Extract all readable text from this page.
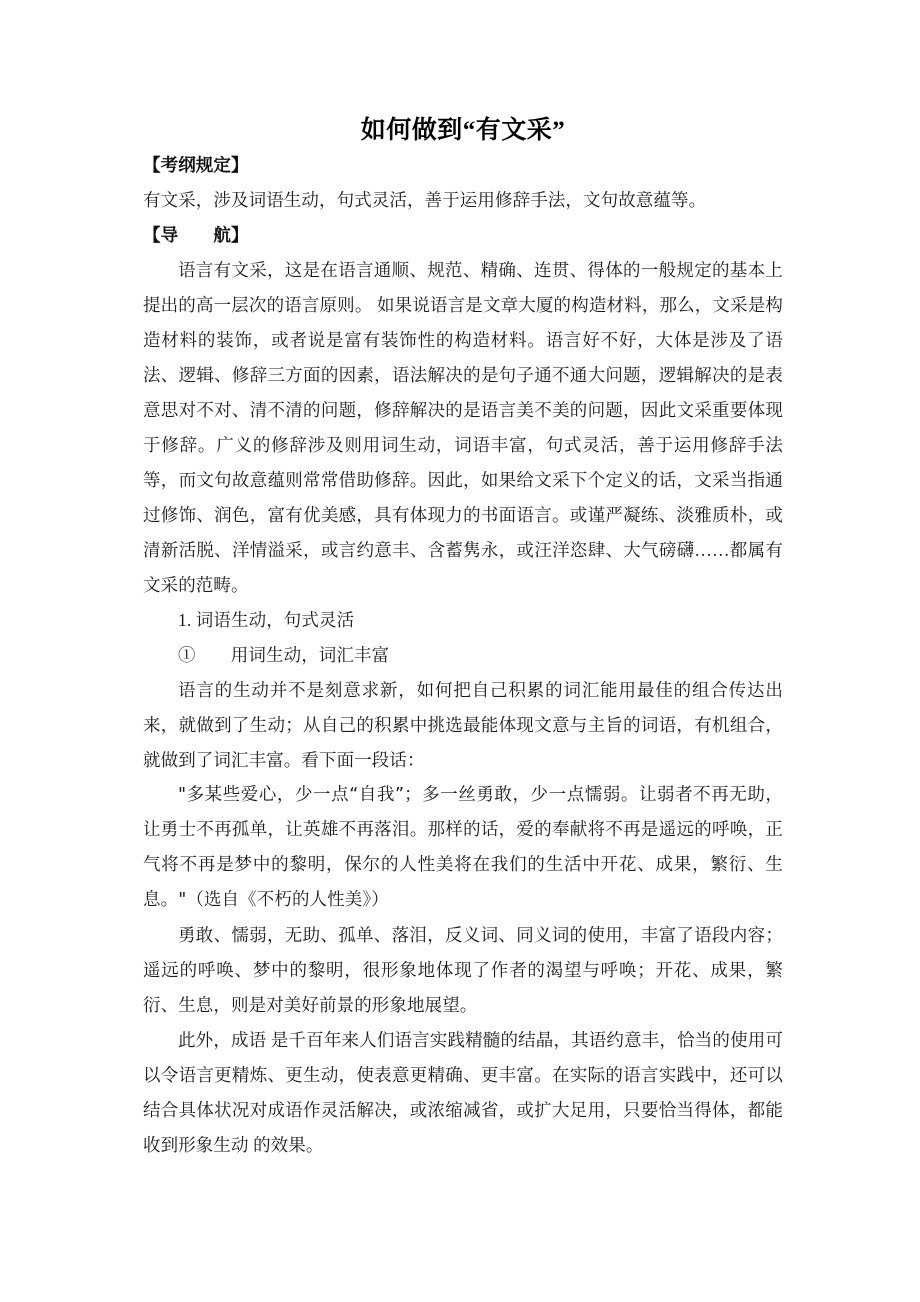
如何做到“有文采”

【考纲规定】

有文采，涉及词语生动，句式灵活，善于运用修辞手法，文句故意蕴等。

【导　　航】

语言有文采，这是在语言通顺、规范、精确、连贯、得体的一般规定的基本上提出的高一层次的语言原则。 如果说语言是文章大厦的构造材料，那么，文采是构造材料的装饰，或者说是富有装饰性的构造材料。语言好不好，大体是涉及了语法、逻辑、修辞三方面的因素，语法解决的是句子通不通大问题，逻辑解决的是表意思对不对、清不清的问题，修辞解决的是语言美不美的问题，因此文采重要体现于修辞。广义的修辞涉及则用词生动，词语丰富，句式灵活，善于运用修辞手法等，而文句故意蕴则常常借助修辞。因此，如果给文采下个定义的话，文采当指通过修饰、润色，富有优美感，具有体现力的书面语言。或谨严凝练、淡雅质朴，或清新活脱、洋情溢采，或言约意丰、含蓄隽永，或汪洋恣肆、大气磅礴……都属有文采的范畴。

1. 词语生动，句式灵活

①　　用词生动，词汇丰富

语言的生动并不是刻意求新，如何把自己积累的词汇能用最佳的组合传达出来，就做到了生动；从自己的积累中挑选最能体现文意与主旨的词语，有机组合，就做到了词汇丰富。看下面一段话：

"多某些爱心，少一点“自我”；多一丝勇敢，少一点懦弱。让弱者不再无助，让勇士不再孤单，让英雄不再落泪。那样的话，爱的奉献将不再是遥远的呼唤，正气将不再是梦中的黎明，保尔的人性美将在我们的生活中开花、成果，繁衍、生息。"（选自《不朽的人性美》）

勇敢、懦弱，无助、孤单、落泪，反义词、同义词的使用，丰富了语段内容；遥远的呼唤、梦中的黎明，很形象地体现了作者的渴望与呼唤；开花、成果，繁衍、生息，则是对美好前景的形象地展望。

此外，成语 是千百年来人们语言实践精髓的结晶，其语约意丰，恰当的使用可以令语言更精炼、更生动，使表意更精确、更丰富。在实际的语言实践中，还可以结合具体状况对成语作灵活解决，或浓缩减省，或扩大足用，只要恰当得体，都能收到形象生动 的效果。
